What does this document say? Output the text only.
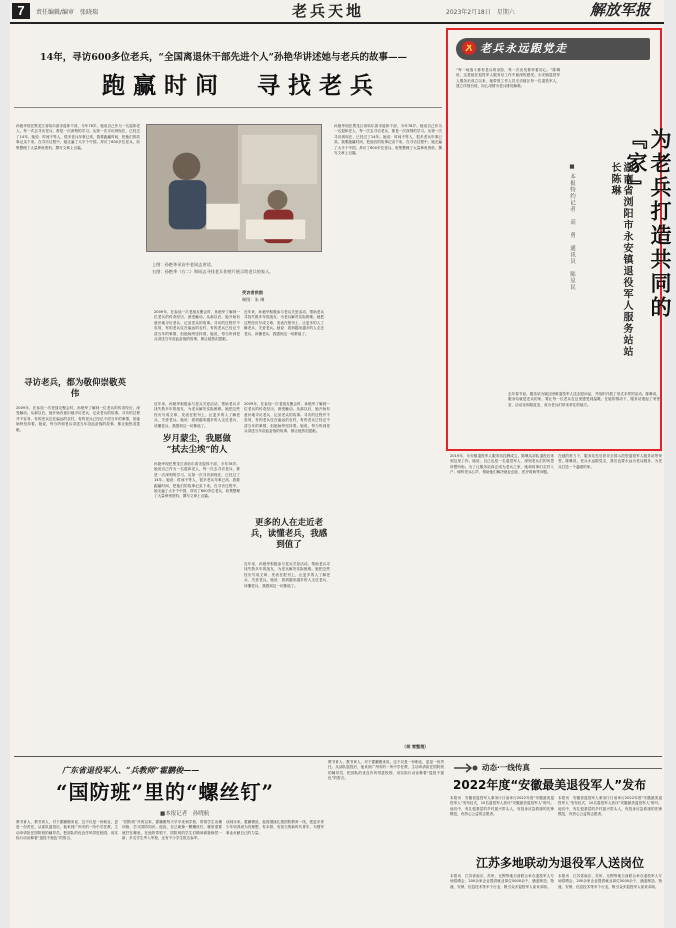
7	责任编辑/编审　张晓瑞	老兵天地	2023年2月18日　星期六	解放军报
14年，寻访600多位老兵，“全国离退休干部先进个人”孙艳华讲述她与老兵的故事——
跑赢时间　寻找老兵
孙艳华现任黑龙江省哈尔滨市退休干部，今年78岁。她说自己作为一名退休老人，每一次去寻访老兵，都是一次深刻的学习。从第一次寻访到现在，已经过了14年。她说：时间不等人，很多老兵年事已高，我要跑赢时间，把他们的故事记录下来。在寻访过程中，她走遍了大半个中国，拜访了600多位老兵，收集整理了大量珍贵资料，撰写文章上百篇。
上图：孙艳华采访中老同志讲话。
右图：孙艳华（右二）和同志寻找老兵作照片展示给老兵的家人。
受访者供图
制图：朱 琳
2009年，在参加一次老战友聚会时，孙艳华了解到一位老兵的传奇经历，深受触动。从那以后，她开始有意识地寻访老兵、记录老兵的故事。寻访的过程并不容易，有的老兵住在偏远的农村，有的老兵已经记不清当年的事情，但她始终坚持着。她说，每当听到老兵讲述当年浴血奋战的故事，都让她热泪盈眶。
近年来，孙艳华积极参与老兵关爱活动，帮助老兵寻找失散多年的战友，为老兵解决实际困难。她把这些经历写成文章，发表在报刊上，让更多的人了解老兵、关爱老兵。她说：看到越来越多的人走近老兵、读懂老兵，我感到这一切都值了。
寻访老兵，都为敬仰崇敬英伟
2009年，在参加一次老战友聚会时，孙艳华了解到一位老兵的传奇经历，深受触动。从那以后，她开始有意识地寻访老兵、记录老兵的故事。寻访的过程并不容易，有的老兵住在偏远的农村，有的老兵已经记不清当年的事情，但她始终坚持着。她说，每当听到老兵讲述当年浴血奋战的故事，都让她热泪盈眶。
近年来，孙艳华积极参与老兵关爱活动，帮助老兵寻找失散多年的战友，为老兵解决实际困难。她把这些经历写成文章，发表在报刊上，让更多的人了解老兵、关爱老兵。她说：看到越来越多的人走近老兵、读懂老兵，我感到这一切都值了。
岁月蒙尘，我愿做
“拭去尘埃”的人
孙艳华现任黑龙江省哈尔滨市退休干部，今年78岁。她说自己作为一名退休老人，每一次去寻访老兵，都是一次深刻的学习。从第一次寻访到现在，已经过了14年。她说：时间不等人，很多老兵年事已高，我要跑赢时间，把他们的故事记录下来。在寻访过程中，她走遍了大半个中国，拜访了600多位老兵，收集整理了大量珍贵资料，撰写文章上百篇。
2009年，在参加一次老战友聚会时，孙艳华了解到一位老兵的传奇经历，深受触动。从那以后，她开始有意识地寻访老兵、记录老兵的故事。寻访的过程并不容易，有的老兵住在偏远的农村，有的老兵已经记不清当年的事情，但她始终坚持着。她说，每当听到老兵讲述当年浴血奋战的故事，都让她热泪盈眶。
更多的人在走近老兵，读懂老兵，我感到值了
近年来，孙艳华积极参与老兵关爱活动，帮助老兵寻找失散多年的战友，为老兵解决实际困难。她把这些经历写成文章，发表在报刊上，让更多的人了解老兵、关爱老兵。她说：看到越来越多的人走近老兵、读懂老兵，我感到这一切都值了。
孙艳华现任黑龙江省哈尔滨市退休干部，今年78岁。她说自己作为一名退休老人，每一次去寻访老兵，都是一次深刻的学习。从第一次寻访到现在，已经过了14年。她说：时间不等人，很多老兵年事已高，我要跑赢时间，把他们的故事记录下来。在寻访过程中，她走遍了大半个中国，拜访了600多位老兵，收集整理了大量珍贵资料，撰写文章上百篇。
（胡 雪整理）
老兵永远跟党走
“每一场战斗都有老兵的身影，每一次出发都怀着初心。”陈琳说，这是她在退役军人服务站工作中最深的感受。永安镇退役军人服务站成立以来，她带领工作人员走访辖区每一位退役军人，建立详细台账，用心用情为老兵排忧解难。
为老兵打造共同的『家』
湖南省浏阳市永安镇退役军人服务站站长陈琳
■ 本报特约记者　高　勇　通讯员　陈星民
去年春节前，服务站为辖区困难退役军人送去慰问品，并组织开展了形式多样的活动。陈琳说，服务站就是老兵的家，要让每一位老兵在这里感受到温暖。在她的推动下，服务站建起了荣誉室、活动室和阅览室，成为老兵们常来常往的地方。
2019年，永安镇退役军人服务站挂牌成立，陈琳从部队退役后来到这里工作。她说，自己也是一名退役军人，深知老兵们的所思所想所盼。为了让服务站真正成为老兵之家，她和同事们走村入户，倾听老兵心声，帮助他们解决就业创业、医疗救助等问题。
在她的努力下，服务站先后获评全国示范型退役军人服务站等荣誉。陈琳说，老兵永远跟党走，我们也要永远为老兵服务，为老兵打造一个温暖的家。
广东省退役军人、“兵教师”霍鹏俊——
“国防班”里的“螺丝钉”
■本报记者　孙晓航
教书育人、教书育人，对于霍鹏俊来说，这不仅是一份职业，更是一份责任。从部队退役后，他来到广州市的一所中学任教，主动申请担任国防班的辅导员，把部队的优良作风带进校园，用实际行动诠释着“退役不褪色”的誓言。
“国防班”开班以来，霍鹏俊每天早早来到学校，带领学生出操训练、学习国防知识。他说，自己就像一颗螺丝钉，哪里需要就拧在哪里。在他的带领下，国防班的学生们精神面貌焕然一新，多名学生考入军校，还有不少学生报名参军。
谈到未来，霍鹏俊说，他将继续扎根国防教育一线，把更多青少年培养成为有理想、有本领、有担当的新时代青年，为强军事业贡献自己的力量。
教书育人、教书育人，对于霍鹏俊来说，这不仅是一份职业，更是一份责任。从部队退役后，他来到广州市的一所中学任教，主动申请担任国防班的辅导员，把部队的优良作风带进校园，用实际行动诠释着“退役不褪色”的誓言。
动态·一线传真
2022年度“安徽最美退役军人”发布
本报讯　安徽省退役军人事务厅日前举行2022年度“安徽最美退役军人”发布仪式，10名退役军人获评“安徽最美退役军人”称号。他们中，有扎根基层的乡村振兴带头人，有投身应急救援的先锋模范，有热心公益的志愿者。
本报讯　安徽省退役军人事务厅日前举行2022年度“安徽最美退役军人”发布仪式，10名退役军人获评“安徽最美退役军人”称号。他们中，有扎根基层的乡村振兴带头人，有投身应急救援的先锋模范，有热心公益的志愿者。
江苏多地联动为退役军人送岗位
本报讯　江苏省南京、苏州、无锡等地日前联合举办退役军人专场招聘会，200余家企业提供就业岗位5000余个，涵盖制造、物流、安保、信息技术等多个行业，吸引众多退役军人前来求职。
本报讯　江苏省南京、苏州、无锡等地日前联合举办退役军人专场招聘会，200余家企业提供就业岗位5000余个，涵盖制造、物流、安保、信息技术等多个行业，吸引众多退役军人前来求职。
